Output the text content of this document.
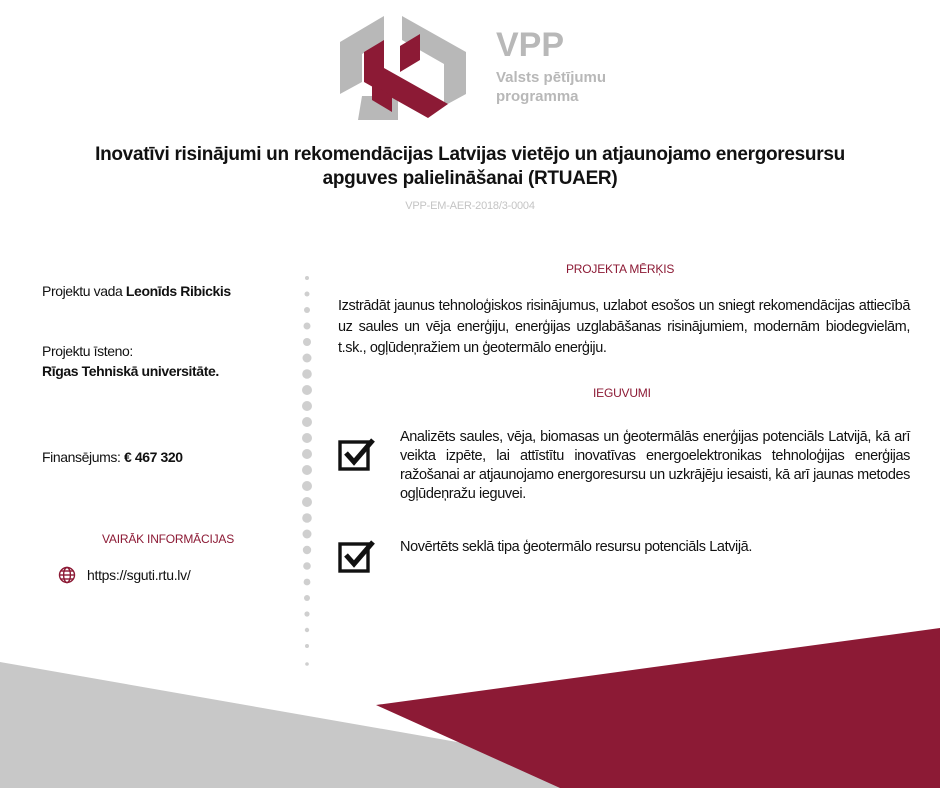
VPP
Valsts pētījumu
programma
Inovatīvi risinājumi un rekomendācijas Latvijas vietējo un atjaunojamo energoresursu apguves palielināšanai (RTUAER)
VPP-EM-AER-2018/3-0004
Projektu vada Leonīds Ribickis
Projektu īsteno:
Rīgas Tehniskā universitāte.
Finansējums: € 467 320
VAIRĀK INFORMĀCIJAS
https://sguti.rtu.lv/
PROJEKTA MĒRĶIS

Izstrādāt jaunus tehnoloģiskos risinājumus, uzlabot esošos un sniegt rekomendācijas attiecībā uz saules un vēja enerģiju, enerģijas uzglabāšanas risinājumiem, modernām biodegvielām, t.sk., ogļūdeņražiem un ģeotermālo enerģiju.

IEGUVUMI
Analizēts saules, vēja, biomasas un ģeotermālās enerģijas potenciāls Latvijā, kā arī veikta izpēte, lai attīstītu inovatīvas energoelektronikas tehnoloģijas enerģijas ražošanai ar atjaunojamo energoresursu un uzkrājēju iesaisti, kā arī jaunas metodes ogļūdeņražu ieguvei.
Novērtēts seklā tipa ģeotermālo resursu potenciāls Latvijā.
